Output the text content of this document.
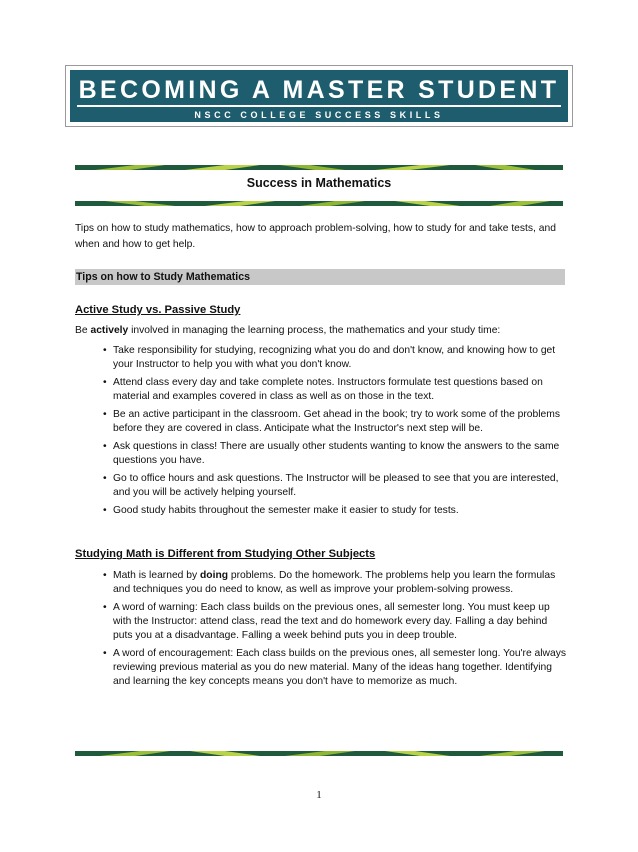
BECOMING A MASTER STUDENT
NSCC COLLEGE SUCCESS SKILLS
Success in Mathematics
Tips on how to study mathematics, how to approach problem-solving, how to study for and take tests, and when and how to get help.
Tips on how to Study Mathematics
Active Study vs. Passive Study
Be actively involved in managing the learning process, the mathematics and your study time:
• Take responsibility for studying, recognizing what you do and don't know, and knowing how to get your Instructor to help you with what you don't know.
• Attend class every day and take complete notes. Instructors formulate test questions based on material and examples covered in class as well as on those in the text.
• Be an active participant in the classroom. Get ahead in the book; try to work some of the problems before they are covered in class. Anticipate what the Instructor's next step will be.
• Ask questions in class! There are usually other students wanting to know the answers to the same questions you have.
• Go to office hours and ask questions. The Instructor will be pleased to see that you are interested, and you will be actively helping yourself.
• Good study habits throughout the semester make it easier to study for tests.
Studying Math is Different from Studying Other Subjects
• Math is learned by doing problems. Do the homework. The problems help you learn the formulas and techniques you do need to know, as well as improve your problem-solving prowess.
• A word of warning: Each class builds on the previous ones, all semester long. You must keep up with the Instructor: attend class, read the text and do homework every day. Falling a day behind puts you at a disadvantage. Falling a week behind puts you in deep trouble.
• A word of encouragement: Each class builds on the previous ones, all semester long. You're always reviewing previous material as you do new material. Many of the ideas hang together. Identifying and learning the key concepts means you don't have to memorize as much.
1
